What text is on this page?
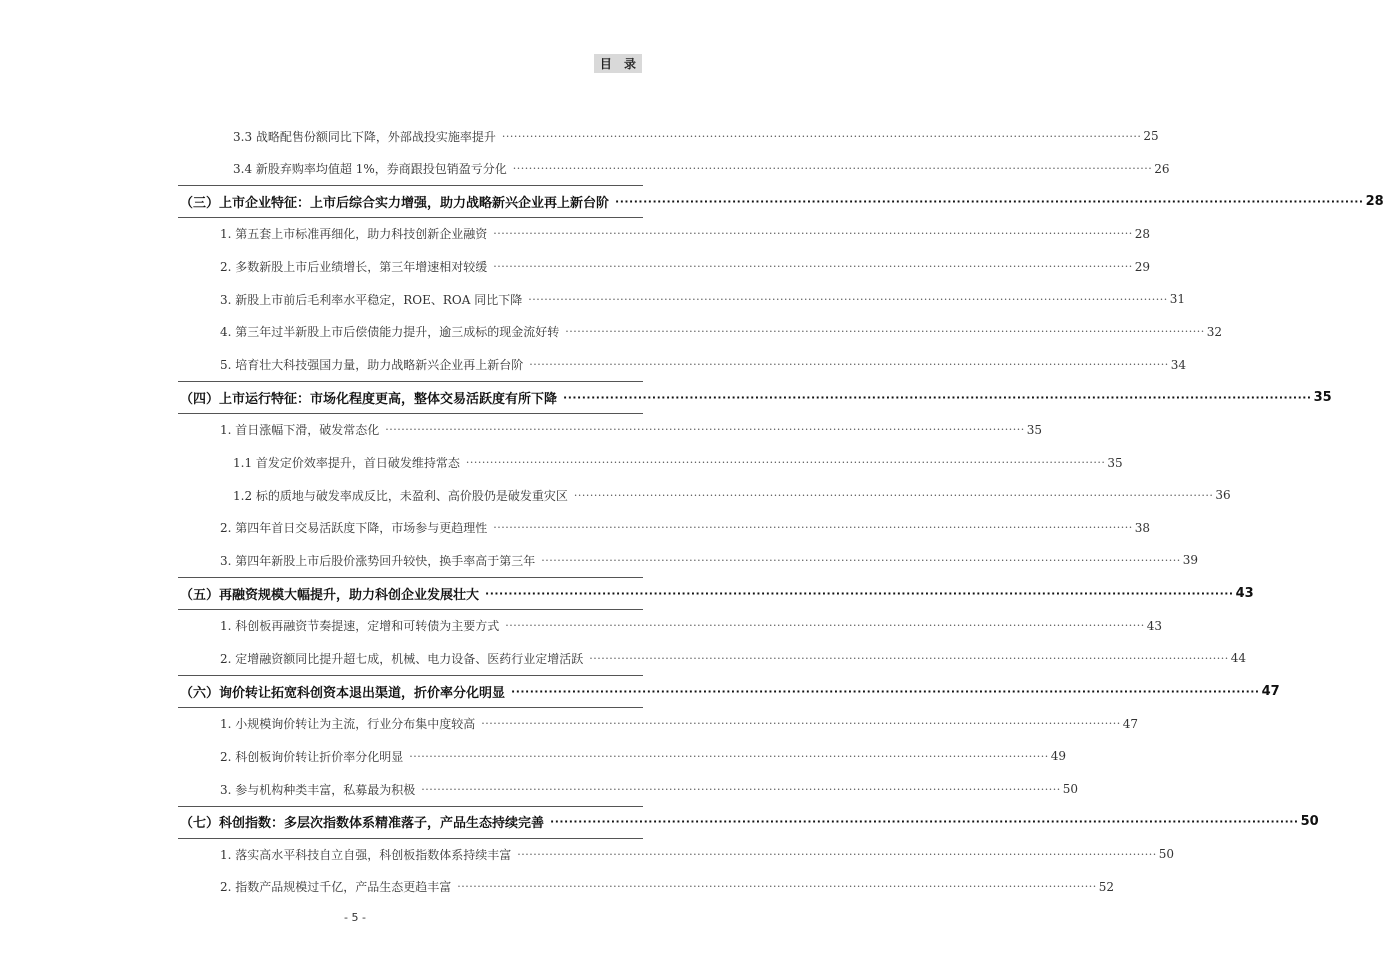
目 录
3.3 战略配售份额同比下降，外部战投实施率提升 ································································································································································ 25
3.4 新股弃购率均值超 1%，券商跟投包销盈亏分化 ································································································································································ 26
（三）上市企业特征：上市后综合实力增强，助力战略新兴企业再上新台阶 ································································································································································ 28
1. 第五套上市标准再细化，助力科技创新企业融资 ································································································································································ 28
2. 多数新股上市后业绩增长，第三年增速相对较缓 ································································································································································ 29
3. 新股上市前后毛利率水平稳定，ROE、ROA 同比下降 ································································································································································ 31
4. 第三年过半新股上市后偿债能力提升，逾三成标的现金流好转 ································································································································································ 32
5. 培育壮大科技强国力量，助力战略新兴企业再上新台阶 ································································································································································ 34
（四）上市运行特征：市场化程度更高，整体交易活跃度有所下降 ································································································································································ 35
1. 首日涨幅下滑，破发常态化 ································································································································································ 35
1.1 首发定价效率提升，首日破发维持常态 ································································································································································ 35
1.2 标的质地与破发率成反比，未盈利、高价股仍是破发重灾区 ································································································································································ 36
2. 第四年首日交易活跃度下降，市场参与更趋理性 ································································································································································ 38
3. 第四年新股上市后股价涨势回升较快，换手率高于第三年 ································································································································································ 39
（五）再融资规模大幅提升，助力科创企业发展壮大 ································································································································································ 43
1. 科创板再融资节奏提速，定增和可转债为主要方式 ································································································································································ 43
2. 定增融资额同比提升超七成，机械、电力设备、医药行业定增活跃 ································································································································································ 44
（六）询价转让拓宽科创资本退出渠道，折价率分化明显 ································································································································································ 47
1. 小规模询价转让为主流，行业分布集中度较高 ································································································································································ 47
2. 科创板询价转让折价率分化明显 ································································································································································ 49
3. 参与机构种类丰富，私募最为积极 ································································································································································ 50
（七）科创指数：多层次指数体系精准落子，产品生态持续完善 ································································································································································ 50
1. 落实高水平科技自立自强，科创板指数体系持续丰富 ································································································································································ 50
2. 指数产品规模过千亿，产品生态更趋丰富 ································································································································································ 52
- 5 -
